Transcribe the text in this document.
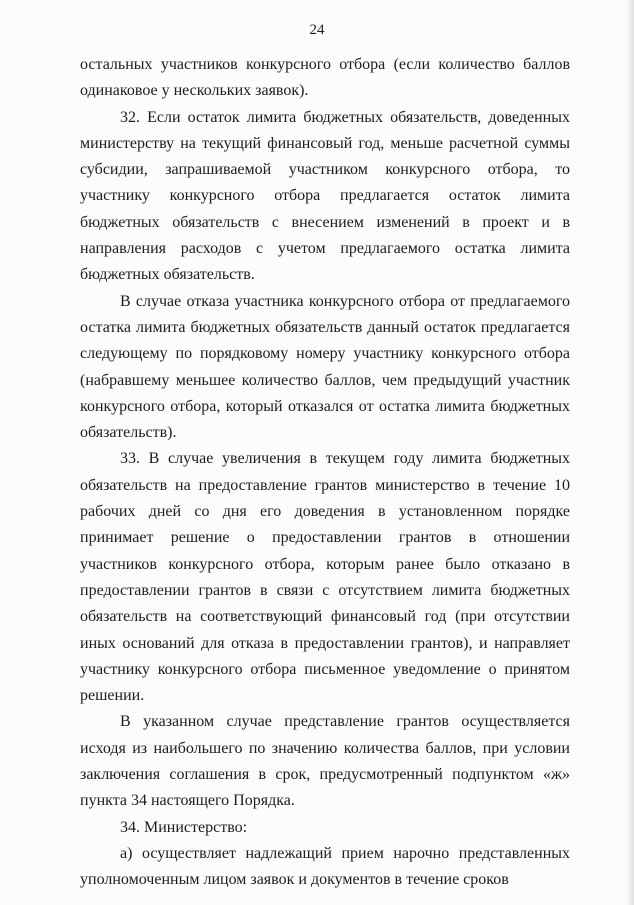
24

остальных участников конкурсного отбора (если количество баллов одинаковое у нескольких заявок).

32. Если остаток лимита бюджетных обязательств, доведенных министерству на текущий финансовый год, меньше расчетной суммы субсидии, запрашиваемой участником конкурсного отбора, то участнику конкурсного отбора предлагается остаток лимита бюджетных обязательств с внесением изменений в проект и в направления расходов с учетом предлагаемого остатка лимита бюджетных обязательств.

В случае отказа участника конкурсного отбора от предлагаемого остатка лимита бюджетных обязательств данный остаток предлагается следующему по порядковому номеру участнику конкурсного отбора (набравшему меньшее количество баллов, чем предыдущий участник конкурсного отбора, который отказался от остатка лимита бюджетных обязательств).

33. В случае увеличения в текущем году лимита бюджетных обязательств на предоставление грантов министерство в течение 10 рабочих дней со дня его доведения в установленном порядке принимает решение о предоставлении грантов в отношении участников конкурсного отбора, которым ранее было отказано в предоставлении грантов в связи с отсутствием лимита бюджетных обязательств на соответствующий финансовый год (при отсутствии иных оснований для отказа в предоставлении грантов), и направляет участнику конкурсного отбора письменное уведомление о принятом решении.

В указанном случае представление грантов осуществляется исходя из наибольшего по значению количества баллов, при условии заключения соглашения в срок, предусмотренный подпунктом «ж» пункта 34 настоящего Порядка.

34. Министерство:

а) осуществляет надлежащий прием нарочно представленных уполномоченным лицом заявок и документов в течение сроков
